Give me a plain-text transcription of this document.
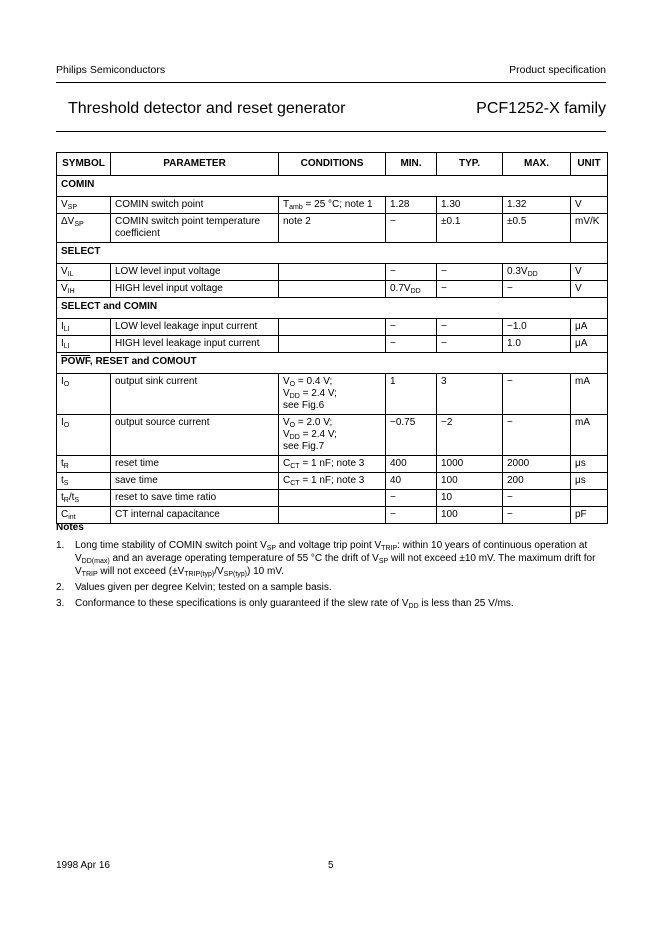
Philips Semiconductors	Product specification
Threshold detector and reset generator	PCF1252-X family
SYMBOL	PARAMETER	CONDITIONS	MIN.	TYP.	MAX.	UNIT
COMIN						
$V_{SP}$	COMIN switch point	$T_{amb} = 25$ °C; note 1	1.28	1.30	1.32	V
$\Delta V_{SP}$	COMIN switch point temperature coefficient	note 2	−	±0.1	±0.5	mV/K
SELECT						
$V_{IL}$	LOW level input voltage		−	−	$0.3V_{DD}$	V
$V_{IH}$	HIGH level input voltage		$0.7V_{DD}$	−	−	V
SELECT and COMIN						
$I_{LI}$	LOW level leakage input current		−	−	−1.0	μA
$I_{LI}$	HIGH level leakage input current		−	−	1.0	μA
POWF, RESET and COMOUT						
$I_O$	output sink current	$V_O = 0.4$ V;
$V_{DD} = 2.4$ V;
see Fig.6	1	3	−	mA
$I_O$	output source current	$V_O = 2.0$ V;
$V_{DD} = 2.4$ V;
see Fig.7	−0.75	−2	−	mA
$t_R$	reset time	$C_{CT} = 1$ nF; note 3	400	1000	2000	μs
$t_S$	save time	$C_{CT} = 1$ nF; note 3	40	100	200	μs
$t_R/t_S$	reset to save time ratio		−	10	−	
$C_{int}$	CT internal capacitance		−	100	−	pF
Notes
1. Long time stability of COMIN switch point $V_{SP}$ and voltage trip point $V_{TRIP}$: within 10 years of continuous operation at $V_{DD(max)}$ and an average operating temperature of 55 °C the drift of $V_{SP}$ will not exceed ±10 mV. The maximum drift for $V_{TRIP}$ will not exceed $(\pm V_{TRIP(typ)}/V_{SP(typ)})$ 10 mV.
2. Values given per degree Kelvin; tested on a sample basis.
3. Conformance to these specifications is only guaranteed if the slew rate of $V_{DD}$ is less than 25 V/ms.
1998 Apr 16	5
